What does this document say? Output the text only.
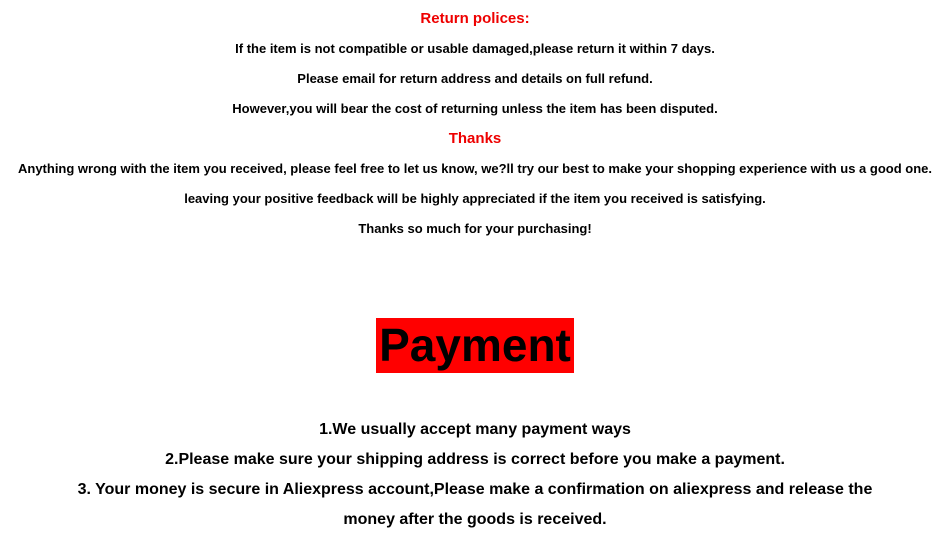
Return polices:
If the item is not compatible or usable damaged,please return it within 7 days.
Please email for return address and details on full refund.
However,you will bear the cost of returning unless the item has been disputed.
Thanks
Anything wrong with the item you received, please feel free to let us know, we?ll try our best to make your shopping experience with us a good one.
leaving your positive feedback will be highly appreciated if the item you received is satisfying.
Thanks so much for your purchasing!
Payment
1.We usually accept many payment ways
2.Please make sure your shipping address is correct before you make a payment.
3. Your money is secure in Aliexpress account,Please make a confirmation on aliexpress and release the
money after the goods is received.
